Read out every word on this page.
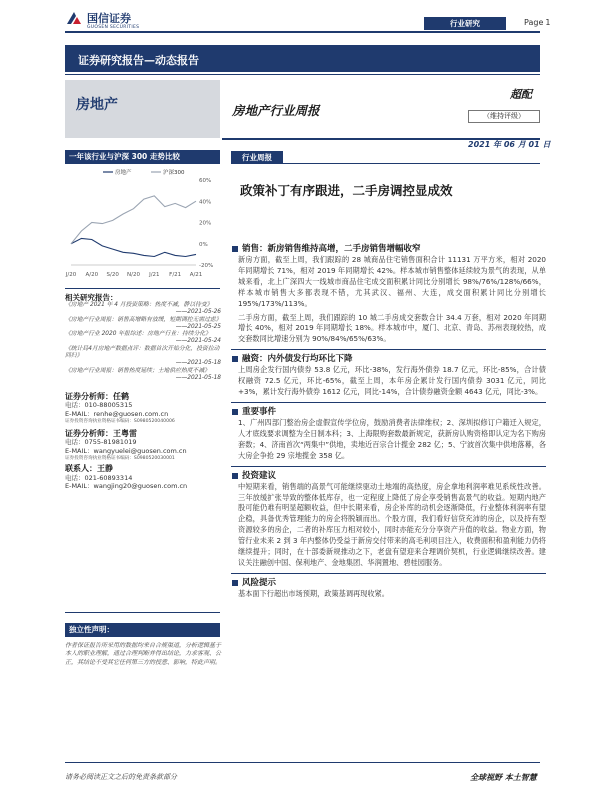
国信证券
GUOSEN SECURITIES	行业研究	Page 1
证券研究报告—动态报告
房地产	房地产行业周报
超配
（维持评级）
2021 年 06 月 01 日
一年该行业与沪深 300 走势比较
60%
40%
20%
0%
-20%
J/20 A/20 S/20 N/20 J/21 F/21 A/21
房地产	沪深300
相关研究报告：
《房地产 2021 年 4 月投资策略：热度不减，静以待变》
——2021-05-26
《房地产行业周报：销售高增略有放缓，短期调控无需过虑》
——2021-05-25
《房地产行业 2020 年报综述：房地产行业：持续分化》
——2021-05-24
《统计局4月房地产数据点评：数据首次开始分化，投资拉动回归》
——2021-05-18
《房地产行业周报：销售热度延续；土地供应热度不减》
——2021-05-18
证券分析师：任鹤
电话：010-88005315
E-MAIL：renhe@guosen.com.cn
证券投资咨询执业资格证书编码：S0980520040006
证券分析师：王粤雷
电话：0755-81981019
E-MAIL：wangyuelei@guosen.com.cn
证券投资咨询执业资格证书编码：S0980520030001
联系人：王静
电话：021-60893314
E-MAIL：wangjing20@guosen.com.cn
独立性声明：
作者保证报告所采用的数据均来自合规渠道，分析逻辑基于本人的职业理解，通过合理判断并得出结论，力求客观、公正，其结论不受其它任何第三方的授意、影响，特此声明。
行业周报
政策补丁有序跟进，二手房调控显成效
销售：新房销售维持高增，二手房销售增幅收窄

新房方面，截至上周，我们跟踪的 28 城商品住宅销售面积合计 11131 万平方米，相对 2020 年同期增长 71%，相对 2019 年同期增长 42%。样本城市销售整体延续较为景气的表现，从单城来看，北上广深四大一线城市商品住宅成交面积累计同比分别增长 98%/76%/128%/66%，样本城市销售大多都表现不错，尤其武汉、福州、大连，成交面积累计同比分别增长 195%/173%/113%。

二手房方面，截至上周，我们跟踪的 10 城二手房成交套数合计 34.4 万套，相对 2020 年同期增长 40%，相对 2019 年同期增长 18%。样本城市中，厦门、北京、青岛、苏州表现较热，成交套数同比增速分别为 90%/84%/65%/63%。

融资：内外债发行均环比下降

上周房企发行国内债券 53.8 亿元，环比-38%，发行海外债券 18.7 亿元，环比-85%，合计债权融资 72.5 亿元，环比-65%，截至上周，本年房企累计发行国内债券 3031 亿元，同比+3%，累计发行海外债券 1612 亿元，同比-14%，合计债券融资金额 4643 亿元，同比-3%。

重要事件

1、广州四部门整治房企虚假宣传学位房，鼓励消费者法律维权；2、深圳拟修订户籍迁入规定，人才底线要求调整为全日制本科；3、上海限购套数最新规定，获新房认购资格即认定为名下购房套数；4、济南首次“两集中”供地，卖地近百宗合计揽金 282 亿；5、宁波首次集中供地落幕，各大房企争抢 29 宗地揽金 358 亿。

投资建议

中短期来看，销售端的高景气可能继续驱动土地端的高热度，房企拿地利润率难见系统性改善。三年放缓扩张导致的整体低库存，也一定程度上降低了房企享受销售高景气的收益。短期内地产股可能仍难有明显超额收益，但中长期来看，房企补库的动机会逐渐降低，行业整体利润率有望企稳，具备优秀管理能力的房企将脱颖而出。个股方面，我们看好信贷充沛的房企，以及持有型资源较多的房企，二者的补库压力相对较小，同时亦能充分分享资产升值的收益。物业方面，物管行业未来 2 到 3 年内整体仍受益于新房交付带来的高毛利项目注入，收费面积和盈利能力仍将继续提升；同时，在十部委新规推动之下，老盘有望迎来合理调价契机，行业逻辑继续改善。建议关注融创中国、保利地产、金地集团、华润置地、碧桂园服务。

风险提示

基本面下行超出市场预期，政策基调再现收紧。

请务必阅读正文之后的免责条款部分	全球视野 本土智慧
